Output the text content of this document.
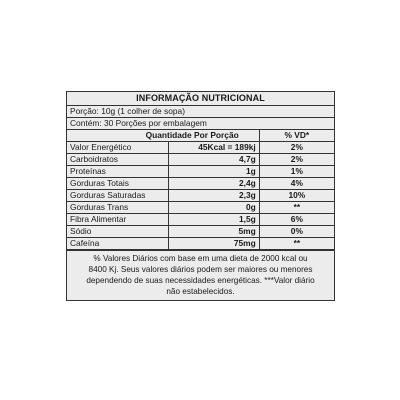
INFORMAÇÃO NUTRICIONAL
Porção: 10g (1 colher de sopa)
Contém: 30 Porções por embalagem
Quantidade Por Porção		% VD*
Valor Energético	45Kcal = 189kj	2%
Carboidratos	4,7g	2%
Proteínas	1g	1%
Gorduras Totais	2,4g	4%
Gorduras Saturadas	2,3g	10%
Gorduras Trans	0g	**
Fibra Alimentar	1,5g	6%
Sódio	5mg	0%
Cafeína	75mg	**
% Valores Diários com base em uma dieta de 2000 kcal ou
8400 Kj. Seus valores diários podem ser maiores ou menores
dependendo de suas necessidades energéticas. ***Valor diário
não estabelecidos.
